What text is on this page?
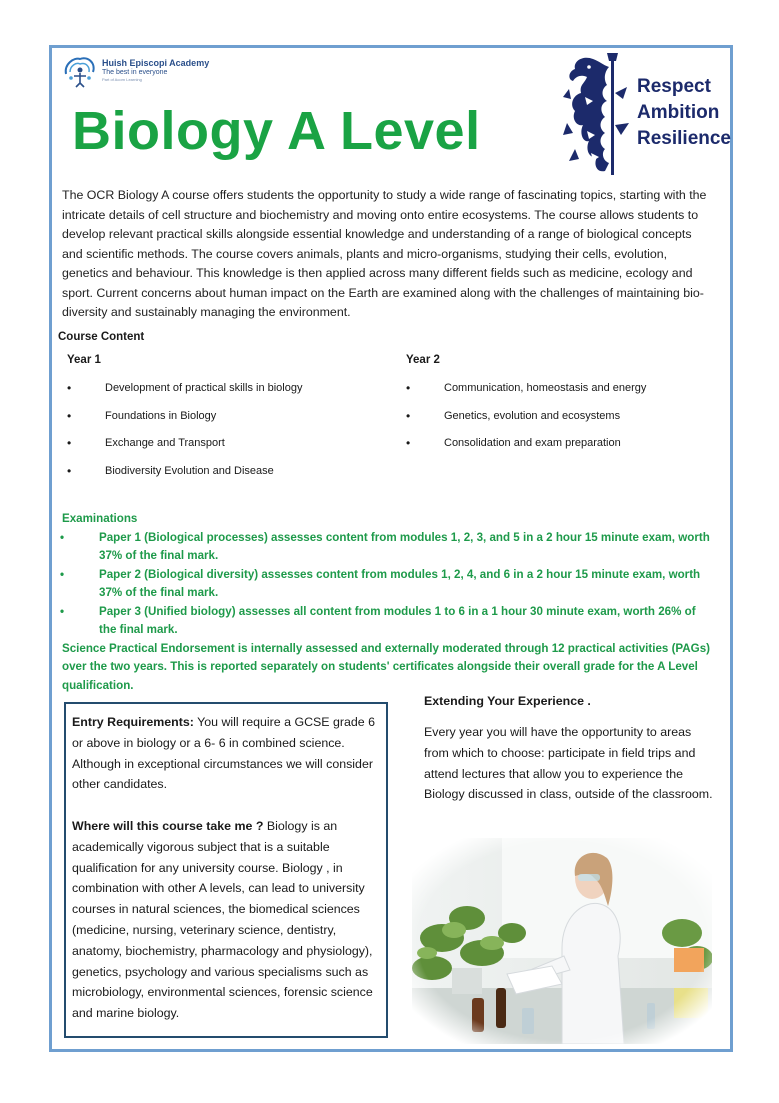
Huish Episcopi Academy
The best in everyone
Part of Acorn Learning
Biology A Level
Respect
Ambition
Resilience
The OCR Biology A course offers students the opportunity to study a wide range of fascinating topics, starting with the intricate details of cell structure and biochemistry and moving onto entire ecosystems. The course allows students to develop relevant practical skills alongside essential knowledge and understanding of a range of biological concepts and scientific methods. The course covers animals, plants and micro-organisms, studying their cells, evolution, genetics and behaviour. This knowledge is then applied across many different fields such as medicine, ecology and sport. Current concerns about human impact on the Earth are examined along with the challenges of maintaining bio-diversity and sustainably managing the environment.
Course Content
Year 1
•	Development of practical skills in biology
•	Foundations in Biology
•	Exchange and Transport
•	Biodiversity Evolution and Disease
Year 2
•	Communication, homeostasis and energy
•	Genetics, evolution and ecosystems
•	Consolidation and exam preparation

Examinations

•	Paper 1 (Biological processes) assesses content from modules 1, 2, 3, and 5 in a 2 hour 15 minute exam, worth 37% of the final mark.
•	Paper 2 (Biological diversity) assesses content from modules 1, 2, 4, and 6 in a 2 hour 15 minute exam, worth 37% of the final mark.
•	Paper 3 (Unified biology) assesses all content from modules 1 to 6 in a 1 hour 30 minute exam, worth 26% of the final mark.

Science Practical Endorsement is internally assessed and externally moderated through 12 practical activities (PAGs) over the two years. This is reported separately on students' certificates alongside their overall grade for the A Level qualification.

Entry Requirements: You will require a GCSE grade 6 or above in biology or a 6- 6 in combined science. Although in exceptional circumstances we will consider other candidates.

Where will this course take me ? Biology is an academically vigorous subject that is a suitable qualification for any university course. Biology , in combination with other A levels, can lead to university courses in natural sciences, the biomedical sciences (medicine, nursing, veterinary science, dentistry, anatomy, biochemistry, pharmacology and physiology), genetics, psychology and various specialisms such as microbiology, environmental sciences, forensic science and marine biology.

Extending Your Experience .
Every year you will have the opportunity to areas from which to choose: participate in field trips and attend lectures that allow you to experience the Biology discussed in class, outside of the classroom.
